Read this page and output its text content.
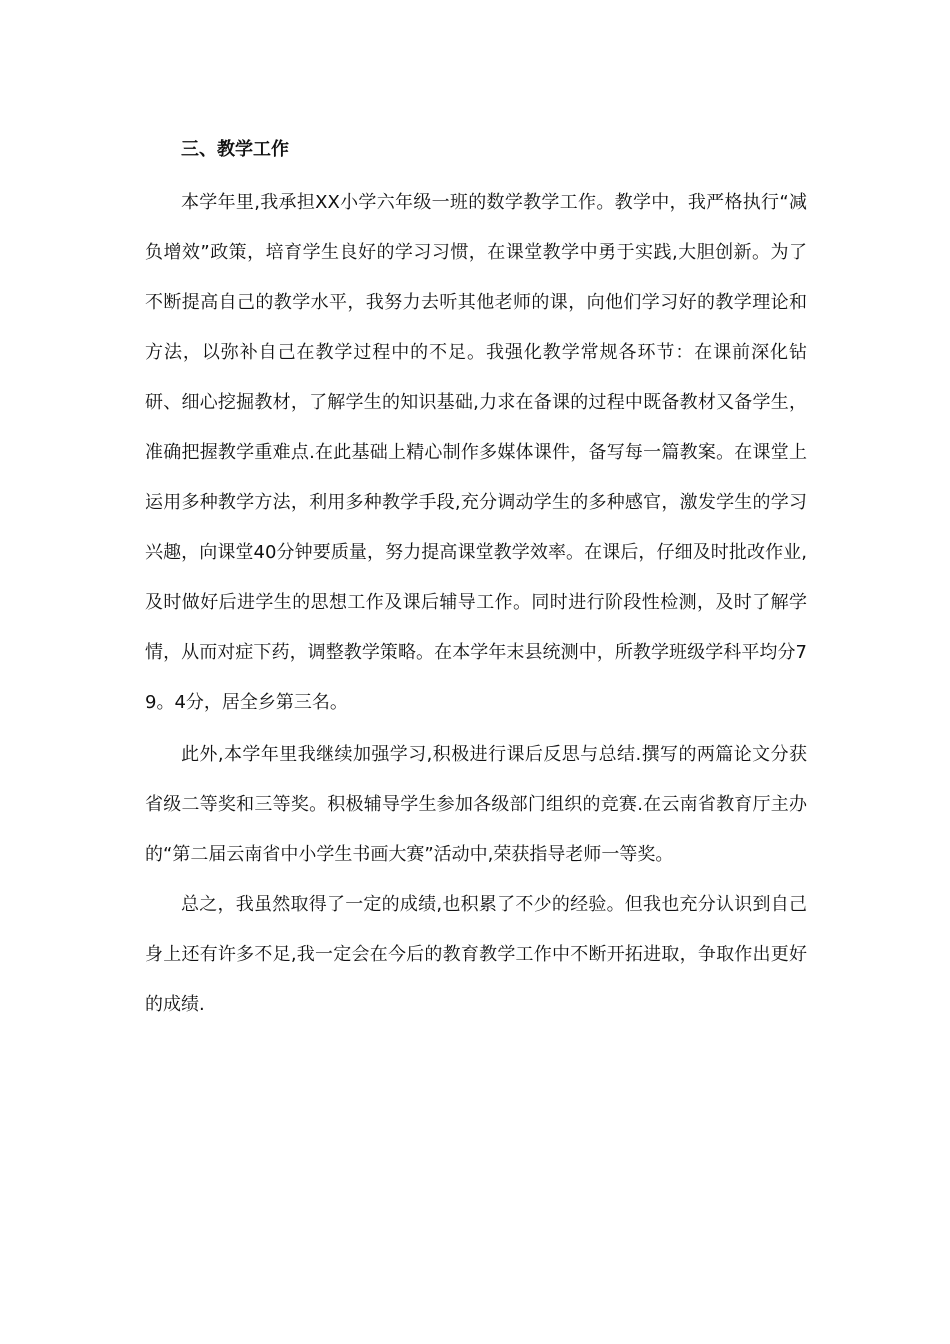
三、教学工作

本学年里,我承担XX小学六年级一班的数学教学工作。教学中，我严格执行“减负增效”政策，培育学生良好的学习习惯，在课堂教学中勇于实践,大胆创新。为了不断提高自己的教学水平，我努力去听其他老师的课，向他们学习好的教学理论和方法，以弥补自己在教学过程中的不足。我强化教学常规各环节：在课前深化钻研、细心挖掘教材，了解学生的知识基础,力求在备课的过程中既备教材又备学生，准确把握教学重难点.在此基础上精心制作多媒体课件，备写每一篇教案。在课堂上运用多种教学方法，利用多种教学手段,充分调动学生的多种感官，激发学生的学习兴趣，向课堂40分钟要质量，努力提高课堂教学效率。在课后，仔细及时批改作业,及时做好后进学生的思想工作及课后辅导工作。同时进行阶段性检测，及时了解学情，从而对症下药，调整教学策略。在本学年末县统测中，所教学班级学科平均分79。4分，居全乡第三名。

此外,本学年里我继续加强学习,积极进行课后反思与总结.撰写的两篇论文分获省级二等奖和三等奖。积极辅导学生参加各级部门组织的竞赛.在云南省教育厅主办的“第二届云南省中小学生书画大赛”活动中,荣获指导老师一等奖。

总之，我虽然取得了一定的成绩,也积累了不少的经验。但我也充分认识到自己身上还有许多不足,我一定会在今后的教育教学工作中不断开拓进取，争取作出更好的成绩.
